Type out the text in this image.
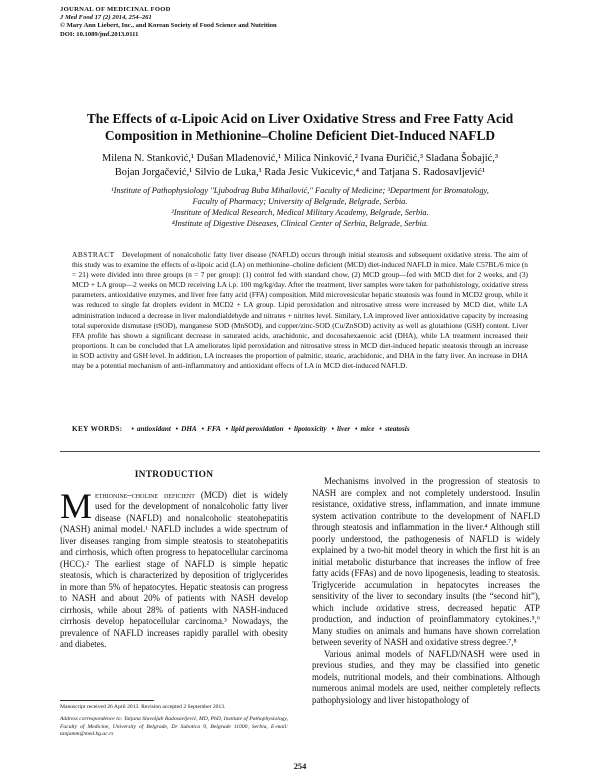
JOURNAL OF MEDICINAL FOOD
J Med Food 17 (2) 2014, 254–261
© Mary Ann Liebert, Inc., and Korean Society of Food Science and Nutrition
DOI: 10.1089/jmf.2013.0111
The Effects of α-Lipoic Acid on Liver Oxidative Stress and Free Fatty Acid
Composition in Methionine–Choline Deficient Diet-Induced NAFLD
Milena N. Stanković,¹ Dušan Mladenović,¹ Milica Ninković,² Ivana Đuričić,³ Slađana Šobajić,³
Bojan Jorgačević,¹ Silvio de Luka,¹ Rada Jesic Vukicevic,⁴ and Tatjana S. Radosavljević¹
¹Institute of Pathophysiology ''Ljubodrag Buba Mihailović,'' Faculty of Medicine; ³Department for Bromatology,
Faculty of Pharmacy; University of Belgrade, Belgrade, Serbia.
²Institute of Medical Research, Medical Military Academy, Belgrade, Serbia.
⁴Institute of Digestive Diseases, Clinical Center of Serbia, Belgrade, Serbia.
ABSTRACT Development of nonalcoholic fatty liver disease (NAFLD) occurs through initial steatosis and subsequent oxidative stress. The aim of this study was to examine the effects of α-lipoic acid (LA) on methionine–choline deficient (MCD) diet-induced NAFLD in mice. Male C57BL/6 mice (n = 21) were divided into three groups (n = 7 per group): (1) control fed with standard chow, (2) MCD group—fed with MCD diet for 2 weeks, and (3) MCD + LA group—2 weeks on MCD receiving LA i.p. 100 mg/kg/day. After the treatment, liver samples were taken for pathohistology, oxidative stress parameters, antioxidative enzymes, and liver free fatty acid (FFA) composition. Mild microvesicular hepatic steatosis was found in MCD2 group, while it was reduced to single fat droplets evident in MCD2 + LA group. Lipid peroxidation and nitrosative stress were increased by MCD diet, while LA administration induced a decrease in liver malondialdehyde and nitrates + nitrites level. Similary, LA improved liver antioxidative capacity by increasing total superoxide dismutase (tSOD), manganese SOD (MnSOD), and copper/zinc-SOD (Cu/ZnSOD) activity as well as glutathione (GSH) content. Liver FFA profile has shown a significant decrease in saturated acids, arachidonic, and docosahexaenoic acid (DHA), while LA treatment increased their proportions. It can be concluded that LA ameliorates lipid peroxidation and nitrosative stress in MCD diet-induced hepatic steatosis through an increase in SOD activity and GSH level. In addition, LA increases the proportion of palmitic, stearic, arachidonic, and DHA in the fatty liver. An increase in DHA may be a potential mechanism of anti-inflammatory and antioxidant effects of LA in MCD diet-induced NAFLD.
KEY WORDS: • antioxidant • DHA • FFA • lipid peroxidation • lipotoxicity • liver • mice • steatosis
INTRODUCTION

Methionine–choline deficient (MCD) diet is widely used for the development of nonalcoholic fatty liver disease (NAFLD) and nonalcoholic steatohepatitis (NASH) animal model.¹ NAFLD includes a wide spectrum of liver diseases ranging from simple steatosis to steatohepatitis and cirrhosis, which often progress to hepatocellular carcinoma (HCC).² The earliest stage of NAFLD is simple hepatic steatosis, which is characterized by deposition of triglycerides in more than 5% of hepatocytes. Hepatic steatosis can progress to NASH and about 20% of patients with NASH develop cirrhosis, while about 28% of patients with NASH-induced cirrhosis develop hepatocellular carcinoma.³ Nowadays, the prevalence of NAFLD increases rapidly parallel with obesity and diabetes.

Mechanisms involved in the progression of steatosis to NASH are complex and not completely understood. Insulin resistance, oxidative stress, inflammation, and innate immune system activation contribute to the development of NAFLD through steatosis and inflammation in the liver.⁴ Although still poorly understood, the pathogenesis of NAFLD is widely explained by a two-hit model theory in which the first hit is an initial metabolic disturbance that increases the inflow of free fatty acids (FFAs) and de novo lipogenesis, leading to steatosis. Triglyceride accumulation in hepatocytes increases the sensitivity of the liver to secondary insults (the “second hit”), which include oxidative stress, decreased hepatic ATP production, and induction of proinflammatory cytokines.⁵,⁶ Many studies on animals and humans have shown correlation between severity of NASH and oxidative stress degree.⁷,⁸

Various animal models of NAFLD/NASH were used in previous studies, and they may be classified into genetic models, nutritional models, and their combinations. Although numerous animal models are used, neither completely reflects pathophysiology and liver histopathology of

Manuscript received 26 April 2013. Revision accepted 2 September 2013.
Address correspondence to: Tatjana Slavoljub Radosavljević, MD, PhD, Institute of Pathophysiology, Faculty of Medicine, University of Belgrade, Dr Subotica 9, Belgrade 11000, Serbia, E-mail: tanjamm@med.bg.ac.rs
254
